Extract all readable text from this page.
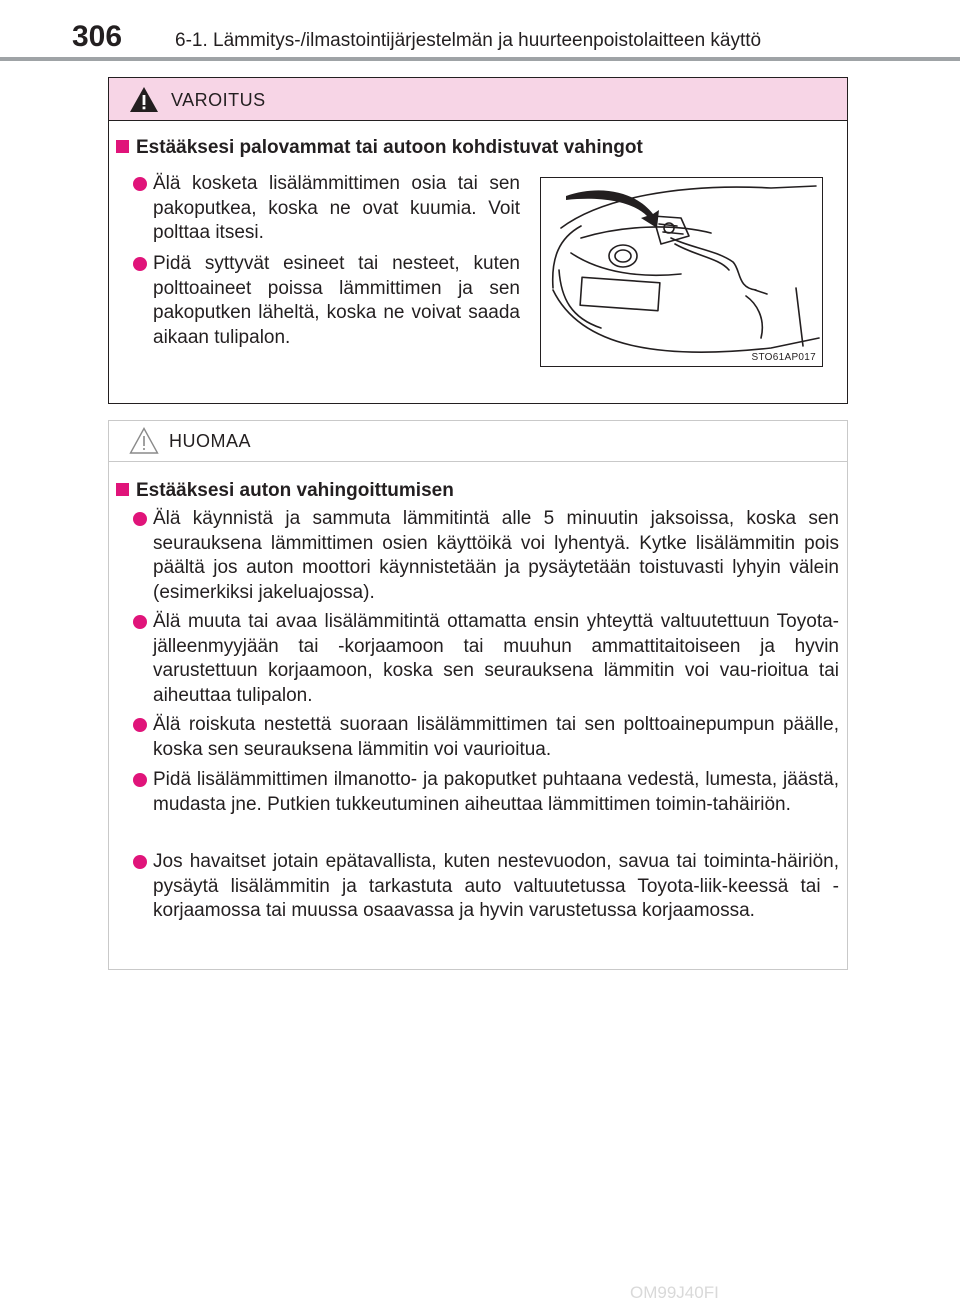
306	6-1. Lämmitys-/ilmastointijärjestelmän ja huurteenpoistolaitteen käyttö
VAROITUS
Estääksesi palovammat tai autoon kohdistuvat vahingot
Älä kosketa lisälämmittimen osia tai sen pakoputkea, koska ne ovat kuumia. Voit polttaa itsesi.
Pidä syttyvät esineet tai nesteet, kuten polttoaineet poissa lämmittimen ja sen pakoputken läheltä, koska ne voivat saada aikaan tulipalon.
STO61AP017
HUOMAA
Estääksesi auton vahingoittumisen
Älä käynnistä ja sammuta lämmitintä alle 5 minuutin jaksoissa, koska sen seurauksena lämmittimen osien käyttöikä voi lyhentyä. Kytke lisälämmitin pois päältä jos auton moottori käynnistetään ja pysäytetään toistuvasti lyhyin välein (esimerkiksi jakeluajossa).
Älä muuta tai avaa lisälämmitintä ottamatta ensin yhteyttä valtuutettuun Toyota-jälleenmyyjään tai -korjaamoon tai muuhun ammattitaitoiseen ja hyvin varustettuun korjaamoon, koska sen seurauksena lämmitin voi vau-rioitua tai aiheuttaa tulipalon.
Älä roiskuta nestettä suoraan lisälämmittimen tai sen polttoainepumpun päälle, koska sen seurauksena lämmitin voi vaurioitua.
Pidä lisälämmittimen ilmanotto- ja pakoputket puhtaana vedestä, lumesta, jäästä, mudasta jne. Putkien tukkeutuminen aiheuttaa lämmittimen toimin-tahäiriön.
Jos havaitset jotain epätavallista, kuten nestevuodon, savua tai toiminta-häiriön, pysäytä lisälämmitin ja tarkastuta auto valtuutetussa Toyota-liik-keessä tai -korjaamossa tai muussa osaavassa ja hyvin varustetussa korjaamossa.
OM99J40FI
